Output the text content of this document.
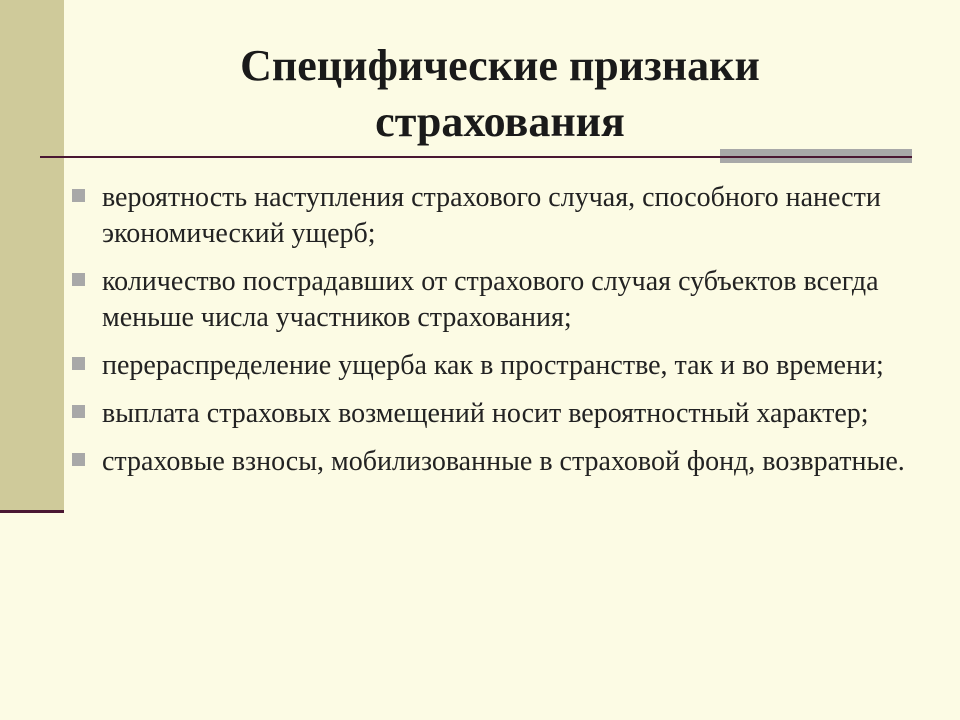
Специфические признаки страхования
вероятность наступления страхового случая, способного нанести экономический ущерб;
количество пострадавших от страхового случая субъектов всегда меньше числа участников страхования;
перераспределение ущерба как в пространстве, так и во времени;
выплата страховых возмещений носит вероятностный характер;
страховые взносы, мобилизованные в страховой фонд, возвратные.
